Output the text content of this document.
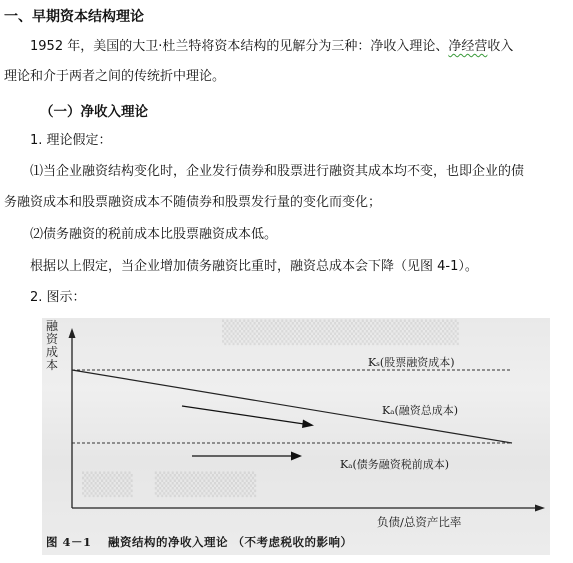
一、早期资本结构理论
1952 年，美国的大卫·杜兰特将资本结构的见解分为三种：净收入理论、净经营收入
理论和介于两者之间的传统折中理论。
（一）净收入理论
1. 理论假定：
⑴当企业融资结构变化时，企业发行债券和股票进行融资其成本均不变，也即企业的债
务融资成本和股票融资成本不随债券和股票发行量的变化而变化；
⑵债务融资的税前成本比股票融资成本低。
根据以上假定，当企业增加债务融资比重时，融资总成本会下降（见图 4-1）。
2. 图示：
▒▒▒▒▒▒▒▒▒▒▒▒▒▒
▒▒▒　▒▒▒▒▒▒
融资成本	Kₛ(股票融资成本)
Kₐ(融资总成本)
Kₐ(债务融资税前成本)
负债/总资产比率
图 4－1　 融资结构的净收入理论 （不考虑税收的影响）
